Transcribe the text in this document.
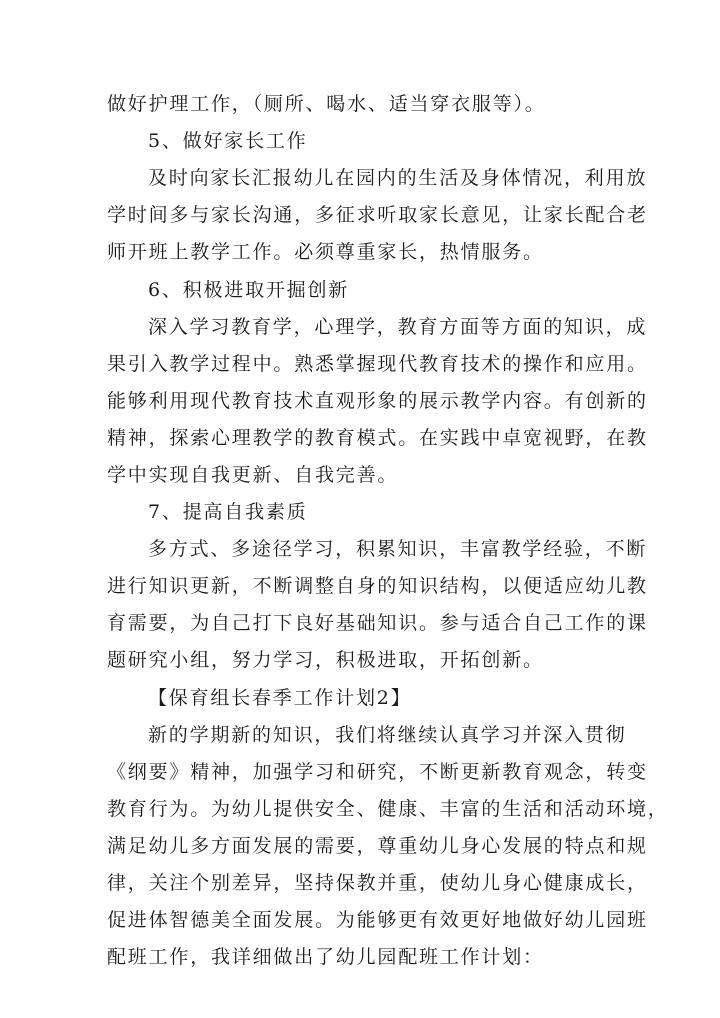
做好护理工作，（厕所、喝水、适当穿衣服等）。
5、做好家长工作
及时向家长汇报幼儿在园内的生活及身体情况，利用放
学时间多与家长沟通，多征求听取家长意见，让家长配合老
师开班上教学工作。必须尊重家长，热情服务。
6、积极进取开掘创新
深入学习教育学，心理学，教育方面等方面的知识，成
果引入教学过程中。熟悉掌握现代教育技术的操作和应用。
能够利用现代教育技术直观形象的展示教学内容。有创新的
精神，探索心理教学的教育模式。在实践中卓宽视野，在教
学中实现自我更新、自我完善。
7、提高自我素质
多方式、多途径学习，积累知识，丰富教学经验，不断
进行知识更新，不断调整自身的知识结构，以便适应幼儿教
育需要，为自己打下良好基础知识。参与适合自己工作的课
题研究小组，努力学习，积极进取，开拓创新。
【保育组长春季工作计划2】
新的学期新的知识，我们将继续认真学习并深入贯彻
《纲要》精神，加强学习和研究，不断更新教育观念，转变
教育行为。为幼儿提供安全、健康、丰富的生活和活动环境，
满足幼儿多方面发展的需要，尊重幼儿身心发展的特点和规
律，关注个别差异，坚持保教并重，使幼儿身心健康成长，
促进体智德美全面发展。为能够更有效更好地做好幼儿园班
配班工作，我详细做出了幼儿园配班工作计划：
